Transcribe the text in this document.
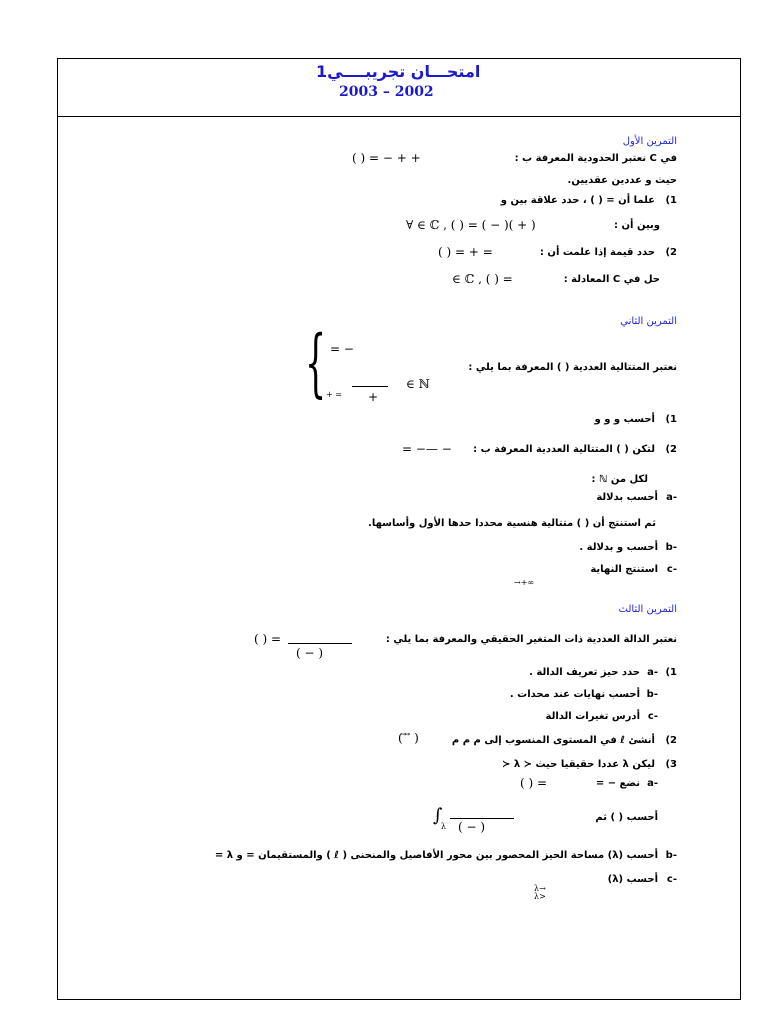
امتحـــان تجريبــــي1
2003 – 2002
التمرين الأول
في C نعتبر الحدودية المعرفة ب :
( ) = − + +
حيث و عددين عقديين.
1)
علما أن = ( ) ، حدد علاقة بين و
وبين أن :
∀ ∈ ℂ , ( ) = ( − )( + )
2)
حدد قيمة إذا علمت أن :
( ) = + =
حل في C المعادلة :
∈ ℂ , ( ) =
التمرين الثاني
{ = −
+ = +
∈ ℕ
نعتبر المتتالية العددية ( ) المعرفة بما يلي :
1)
أحسب و و و
2)
لتكن ( ) المتتالية العددية المعرفة ب :
= −— −
لكل من ℕ :
-a
أحسب بدلالة
ثم استنتج أن ( ) متتالية هنسية محددا حدها الأول وأساسها.
-b
أحسب و بدلالة .
-c
استنتج النهاية
→+∞
التمرين الثالث
نعتبر الدالة العددية ذات المتغير الحقيقي والمعرفة بما يلي :
( ) =
( − )
1)
-a
حدد حيز تعريف الدالة .
-b
أحسب نهايات عند محدات .
-c
أدرس تغيرات الدالة
2)
أنشئ ℓ في المستوى المنسوب إلى م م م
( ⃗ ⃗ )
3)
ليكن λ عددا حقيقيا حيث ≺ λ ≺
-a
نضع − =
( ) =
أحسب ( ) ثم
∫
λ ( − )
-b
أحسب (λ) مساحة الحيز المحصور بين محور الأفاصيل والمنحنى ( ℓ ) والمستقيمان = و λ =
-c
أحسب (λ)
λ→
λ>
